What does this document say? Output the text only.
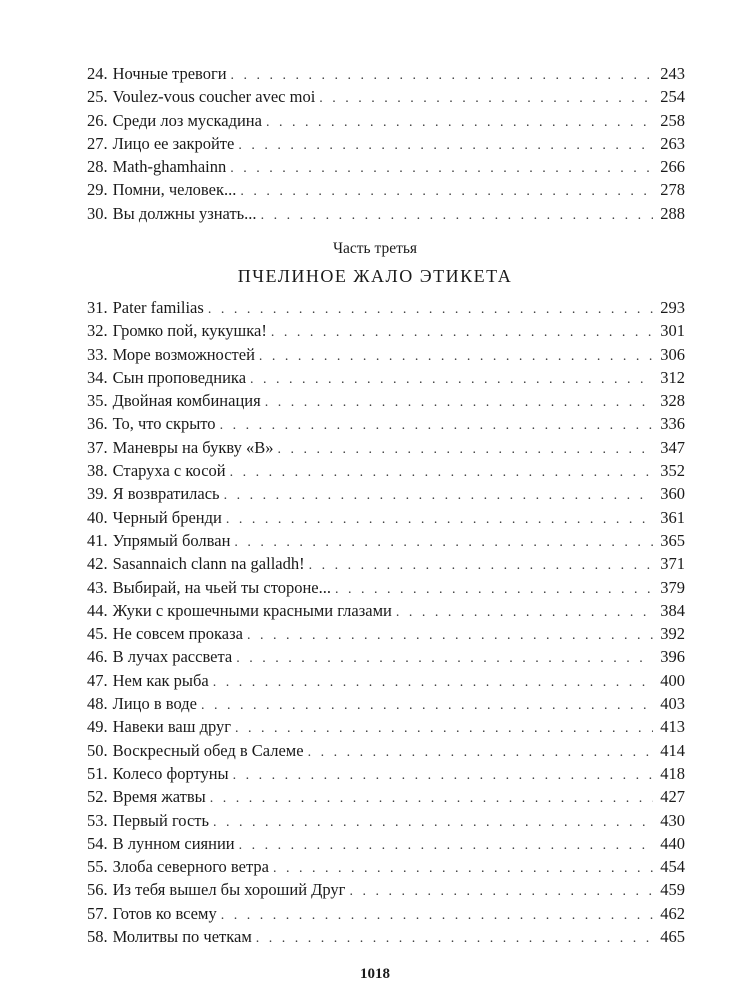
24. Ночные тревоги . . .	243
25. Voulez-vous coucher avec moi . . .	254
26. Среди лоз мускадина . . .	258
27. Лицо ее закройте . . .	263
28. Math-ghamhainn . . .	266
29. Помни, человек... . . .	278
30. Вы должны узнать... . . .	288
Часть третья
ПЧЕЛИНОЕ ЖАЛО ЭТИКЕТА
31. Pater familias . . .	293
32. Громко пой, кукушка! . . .	301
33. Море возможностей . . .	306
34. Сын проповедника . . .	312
35. Двойная комбинация . . .	328
36. То, что скрыто . . .	336
37. Маневры на букву «В» . . .	347
38. Старуха с косой . . .	352
39. Я возвратилась . . .	360
40. Черный бренди . . .	361
41. Упрямый болван . . .	365
42. Sasannaich clann na galladh! . . .	371
43. Выбирай, на чьей ты стороне... . . .	379
44. Жуки с крошечными красными глазами . . .	384
45. Не совсем проказа . . .	392
46. В лучах рассвета . . .	396
47. Нем как рыба . . .	400
48. Лицо в воде . . .	403
49. Навеки ваш друг . . .	413
50. Воскресный обед в Салеме . . .	414
51. Колесо фортуны . . .	418
52. Время жатвы . . .	427
53. Первый гость . . .	430
54. В лунном сиянии . . .	440
55. Злоба северного ветра . . .	454
56. Из тебя вышел бы хороший Друг . . .	459
57. Готов ко всему . . .	462
58. Молитвы по четкам . . .	465
1018
